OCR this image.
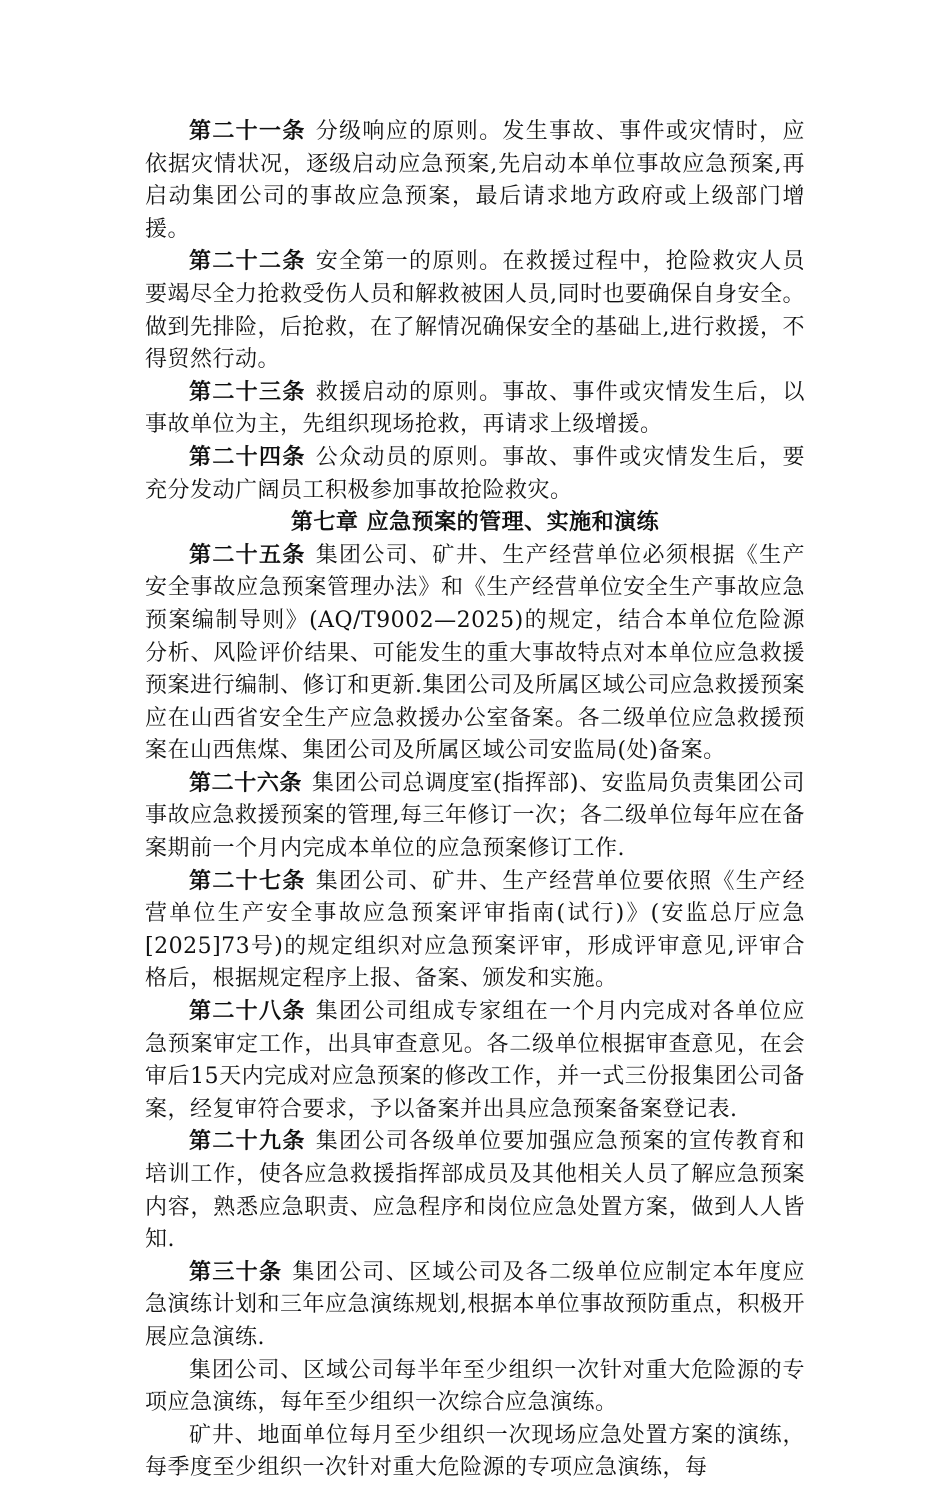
第二十一条 分级响应的原则。发生事故、事件或灾情时，应依据灾情状况，逐级启动应急预案,先启动本单位事故应急预案,再启动集团公司的事故应急预案，最后请求地方政府或上级部门增援。

第二十二条 安全第一的原则。在救援过程中，抢险救灾人员要竭尽全力抢救受伤人员和解救被困人员,同时也要确保自身安全。做到先排险，后抢救，在了解情况确保安全的基础上,进行救援，不得贸然行动。

第二十三条 救援启动的原则。事故、事件或灾情发生后，以事故单位为主，先组织现场抢救，再请求上级增援。

第二十四条 公众动员的原则。事故、事件或灾情发生后，要充分发动广阔员工积极参加事故抢险救灾。

第七章 应急预案的管理、实施和演练

第二十五条 集团公司、矿井、生产经营单位必须根据《生产安全事故应急预案管理办法》和《生产经营单位安全生产事故应急预案编制导则》(AQ/T9002—2025)的规定，结合本单位危险源分析、风险评价结果、可能发生的重大事故特点对本单位应急救援预案进行编制、修订和更新.集团公司及所属区域公司应急救援预案应在山西省安全生产应急救援办公室备案。各二级单位应急救援预案在山西焦煤、集团公司及所属区域公司安监局(处)备案。

第二十六条 集团公司总调度室(指挥部)、安监局负责集团公司事故应急救援预案的管理,每三年修订一次；各二级单位每年应在备案期前一个月内完成本单位的应急预案修订工作.

第二十七条 集团公司、矿井、生产经营单位要依照《生产经营单位生产安全事故应急预案评审指南(试行)》(安监总厅应急[2025]73号)的规定组织对应急预案评审，形成评审意见,评审合格后，根据规定程序上报、备案、颁发和实施。

第二十八条 集团公司组成专家组在一个月内完成对各单位应急预案审定工作，出具审查意见。各二级单位根据审查意见，在会审后15天内完成对应急预案的修改工作，并一式三份报集团公司备案，经复审符合要求，予以备案并出具应急预案备案登记表.

第二十九条 集团公司各级单位要加强应急预案的宣传教育和培训工作，使各应急救援指挥部成员及其他相关人员了解应急预案内容，熟悉应急职责、应急程序和岗位应急处置方案，做到人人皆知.

第三十条 集团公司、区域公司及各二级单位应制定本年度应急演练计划和三年应急演练规划,根据本单位事故预防重点，积极开展应急演练.

集团公司、区域公司每半年至少组织一次针对重大危险源的专项应急演练，每年至少组织一次综合应急演练。

矿井、地面单位每月至少组织一次现场应急处置方案的演练，每季度至少组织一次针对重大危险源的专项应急演练，每
